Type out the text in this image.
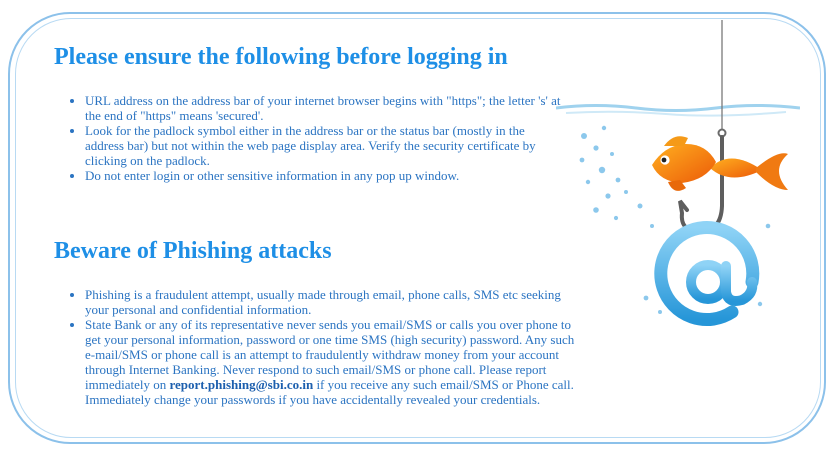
Please ensure the following before logging in
• URL address on the address bar of your internet browser begins with "https"; the letter 's' at the end of "https" means 'secured'.
• Look for the padlock symbol either in the address bar or the status bar (mostly in the address bar) but not within the web page display area. Verify the security certificate by clicking on the padlock.
• Do not enter login or other sensitive information in any pop up window.
Beware of Phishing attacks
• Phishing is a fraudulent attempt, usually made through email, phone calls, SMS etc seeking your personal and confidential information.
• State Bank or any of its representative never sends you email/SMS or calls you over phone to get your personal information, password or one time SMS (high security) password. Any such e-mail/SMS or phone call is an attempt to fraudulently withdraw money from your account through Internet Banking. Never respond to such email/SMS or phone call. Please report immediately on report.phishing@sbi.co.in if you receive any such email/SMS or Phone call. Immediately change your passwords if you have accidentally revealed your credentials.
